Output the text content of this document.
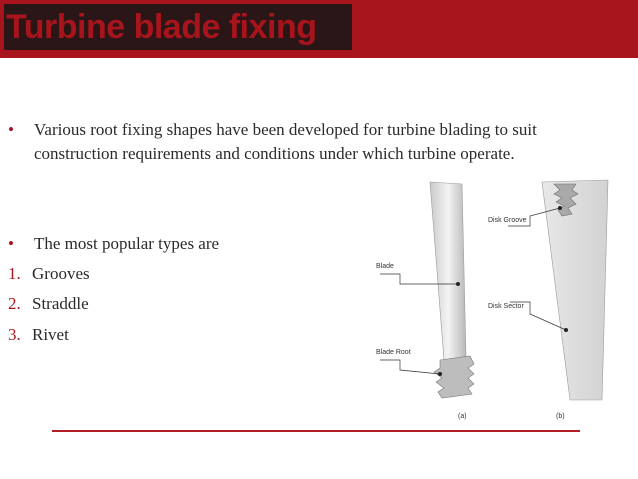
Turbine blade fixing
• Various root fixing shapes have been developed for turbine blading to suit construction requirements and conditions under which turbine operate.
• The most popular types are
1. Grooves
2. Straddle
3. Rivet
Blade
Blade Root
Disk Groove
Disk Sector
(a)	(b)
